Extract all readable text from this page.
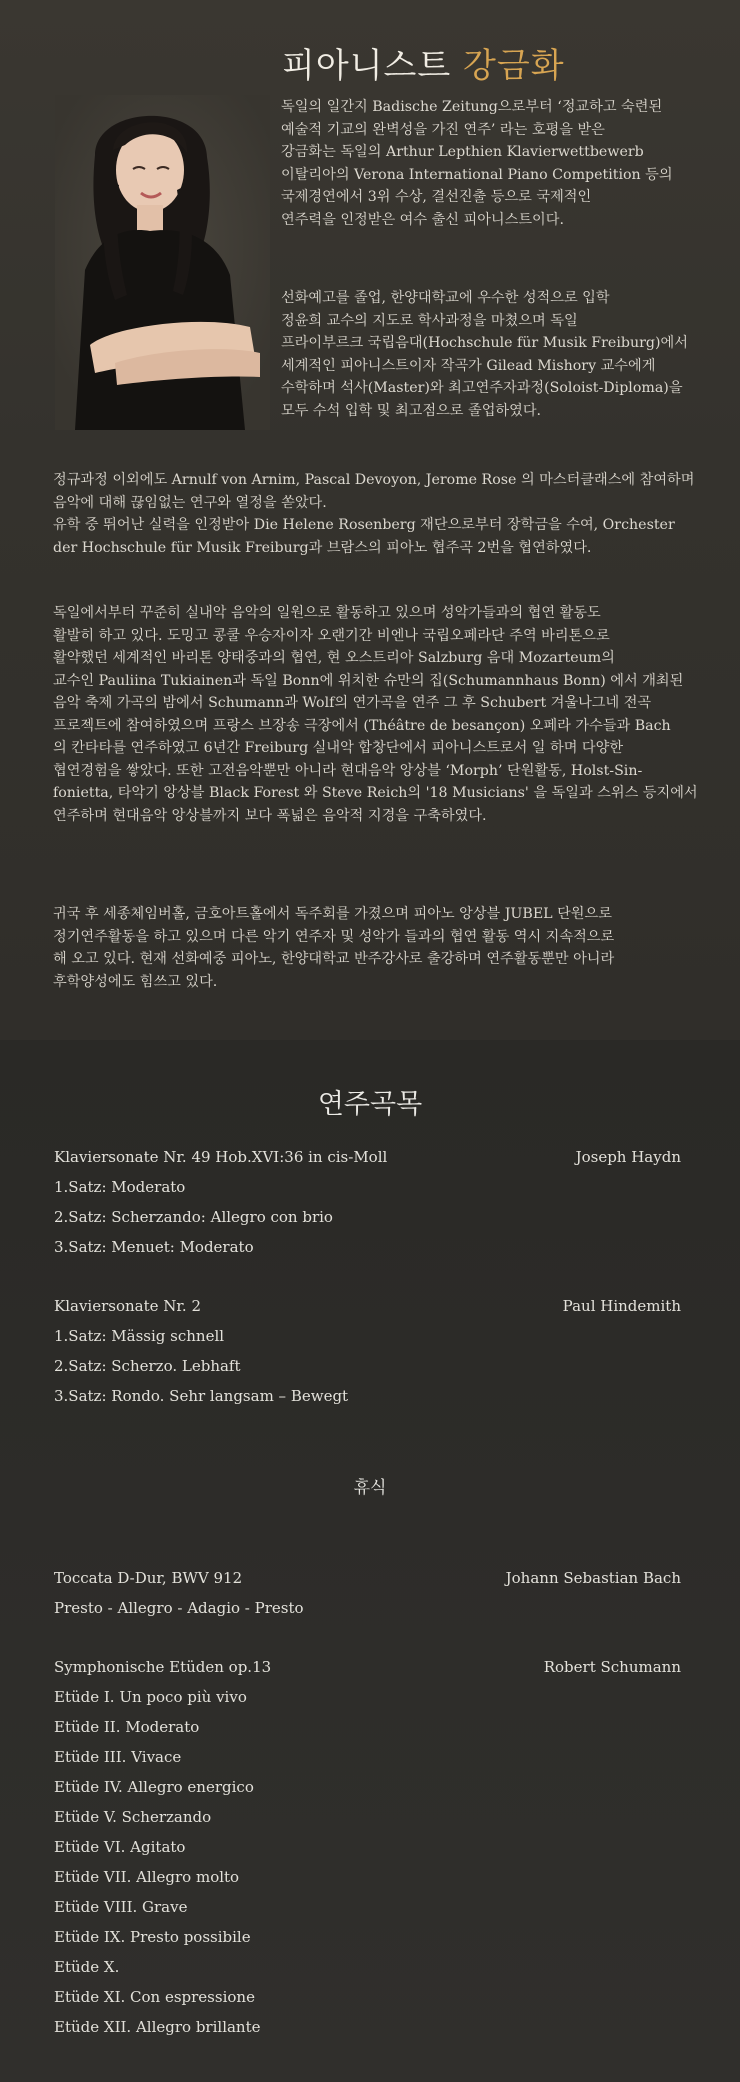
피아니스트 강금화
독일의 일간지 Badische Zeitung으로부터 ‘정교하고 숙련된
예술적 기교의 완벽성을 가진 연주’ 라는 호평을 받은
강금화는 독일의 Arthur Lepthien Klavierwettbewerb
이탈리아의 Verona International Piano Competition 등의
국제경연에서 3위 수상, 결선진출 등으로 국제적인
연주력을 인정받은 여수 출신 피아니스트이다.
선화예고를 졸업, 한양대학교에 우수한 성적으로 입학
정윤희 교수의 지도로 학사과정을 마쳤으며 독일
프라이부르크 국립음대(Hochschule für Musik Freiburg)에서
세계적인 피아니스트이자 작곡가 Gilead Mishory 교수에게
수학하며 석사(Master)와 최고연주자과정(Soloist-Diploma)을
모두 수석 입학 및 최고점으로 졸업하였다.
정규과정 이외에도 Arnulf von Arnim, Pascal Devoyon, Jerome Rose 의 마스터클래스에 참여하며
음악에 대해 끊임없는 연구와 열정을 쏟았다.
유학 중 뛰어난 실력을 인정받아 Die Helene Rosenberg 재단으로부터 장학금을 수여, Orchester
der Hochschule für Musik Freiburg과 브람스의 피아노 협주곡 2번을 협연하였다.
독일에서부터 꾸준히 실내악 음악의 일원으로 활동하고 있으며 성악가들과의 협연 활동도
활발히 하고 있다. 도밍고 콩쿨 우승자이자 오랜기간 비엔나 국립오페라단 주역 바리톤으로
활약했던 세계적인 바리톤 양태중과의 협연, 현 오스트리아 Salzburg 음대 Mozarteum의
교수인 Pauliina Tukiainen과 독일 Bonn에 위치한 슈만의 집(Schumannhaus Bonn) 에서 개최된
음악 축제 가곡의 밤에서 Schumann과 Wolf의 연가곡을 연주 그 후 Schubert 겨울나그네 전곡
프로젝트에 참여하였으며 프랑스 브장송 극장에서 (Théâtre de besançon) 오페라 가수들과 Bach
의 칸타타를 연주하였고 6년간 Freiburg 실내악 합창단에서 피아니스트로서 일 하며 다양한
협연경험을 쌓았다. 또한 고전음악뿐만 아니라 현대음악 앙상블 ‘Morph’ 단원활동, Holst-Sin-
fonietta, 타악기 앙상블 Black Forest 와 Steve Reich의 '18 Musicians' 을 독일과 스위스 등지에서
연주하며 현대음악 앙상블까지 보다 폭넓은 음악적 지경을 구축하였다.
귀국 후 세종체임버홀, 금호아트홀에서 독주회를 가졌으며 피아노 앙상블 JUBEL 단원으로
정기연주활동을 하고 있으며 다른 악기 연주자 및 성악가 들과의 협연 활동 역시 지속적으로
해 오고 있다. 현재 선화예중 피아노, 한양대학교 반주강사로 출강하며 연주활동뿐만 아니라
후학양성에도 힘쓰고 있다.
연주곡목
Klaviersonate Nr. 49 Hob.XVI:36 in cis-Moll	Joseph Haydn
1.Satz: Moderato
2.Satz: Scherzando: Allegro con brio
3.Satz: Menuet: Moderato
Klaviersonate Nr. 2	Paul Hindemith
1.Satz: Mässig schnell
2.Satz: Scherzo. Lebhaft
3.Satz: Rondo. Sehr langsam – Bewegt
휴식
Toccata D-Dur, BWV 912	Johann Sebastian Bach
Presto - Allegro - Adagio - Presto
Symphonische Etüden op.13	Robert Schumann
Etüde I. Un poco più vivo
Etüde II. Moderato
Etüde III. Vivace
Etüde IV. Allegro energico
Etüde V. Scherzando
Etüde VI. Agitato
Etüde VII. Allegro molto
Etüde VIII. Grave
Etüde IX. Presto possibile
Etüde X.
Etüde XI. Con espressione
Etüde XII. Allegro brillante
